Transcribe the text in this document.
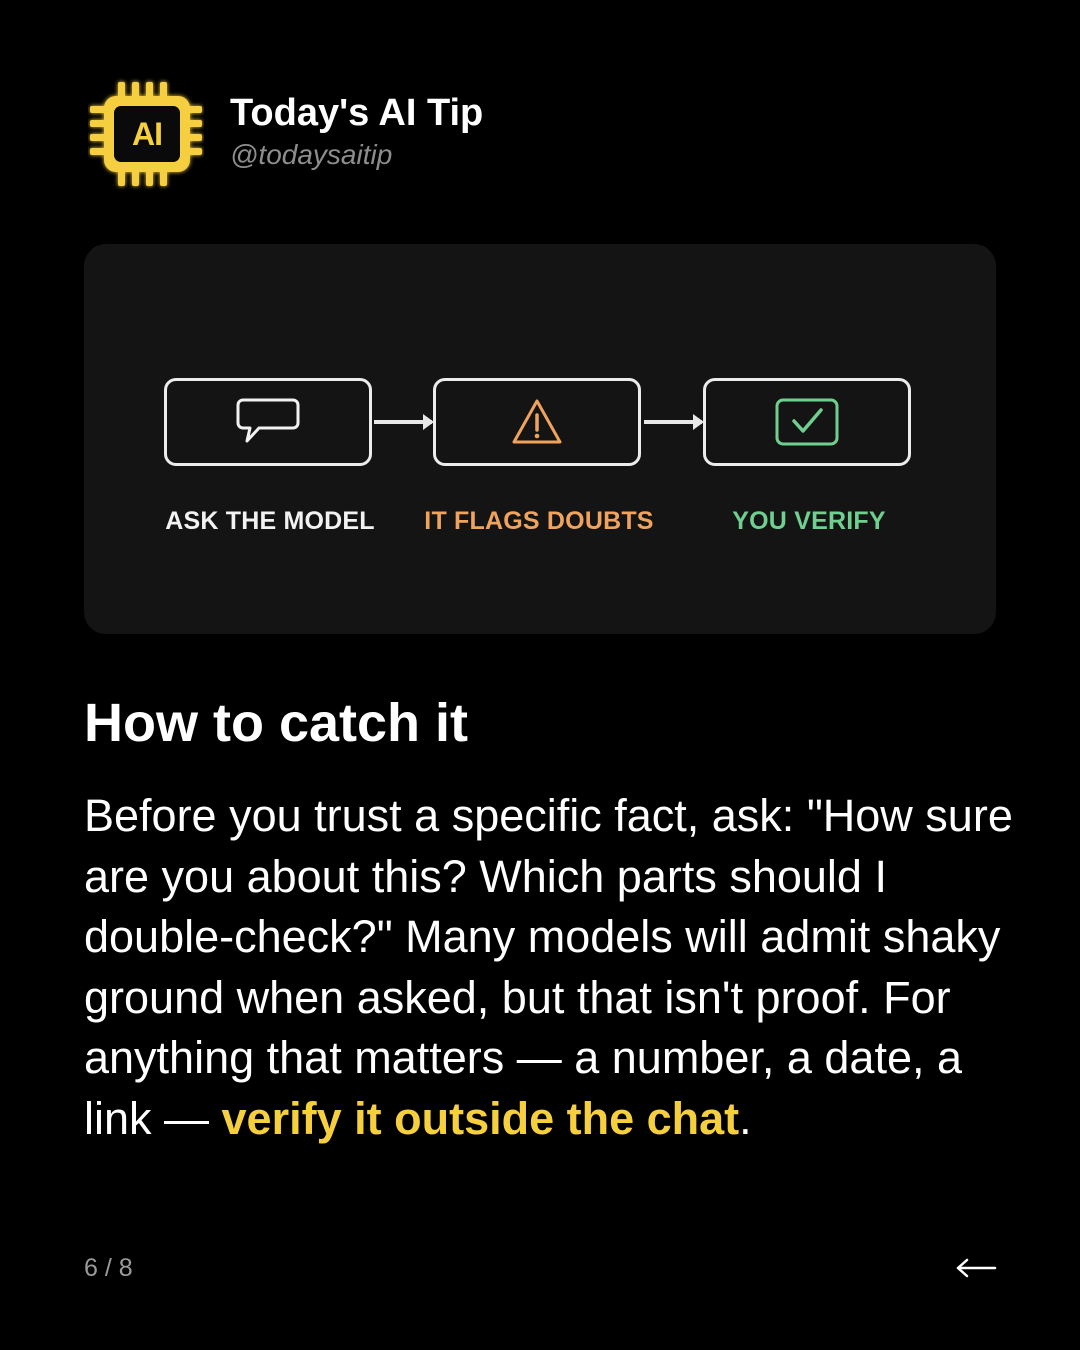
AI	Today's AI Tip
@todaysaitip
ASK THE MODEL	IT FLAGS DOUBTS	YOU VERIFY
How to catch it

Before you trust a specific fact, ask: "How sure are you about this? Which parts should I double-check?" Many models will admit shaky ground when asked, but that isn't proof. For anything that matters — a number, a date, a link — verify it outside the chat.

6 / 8
